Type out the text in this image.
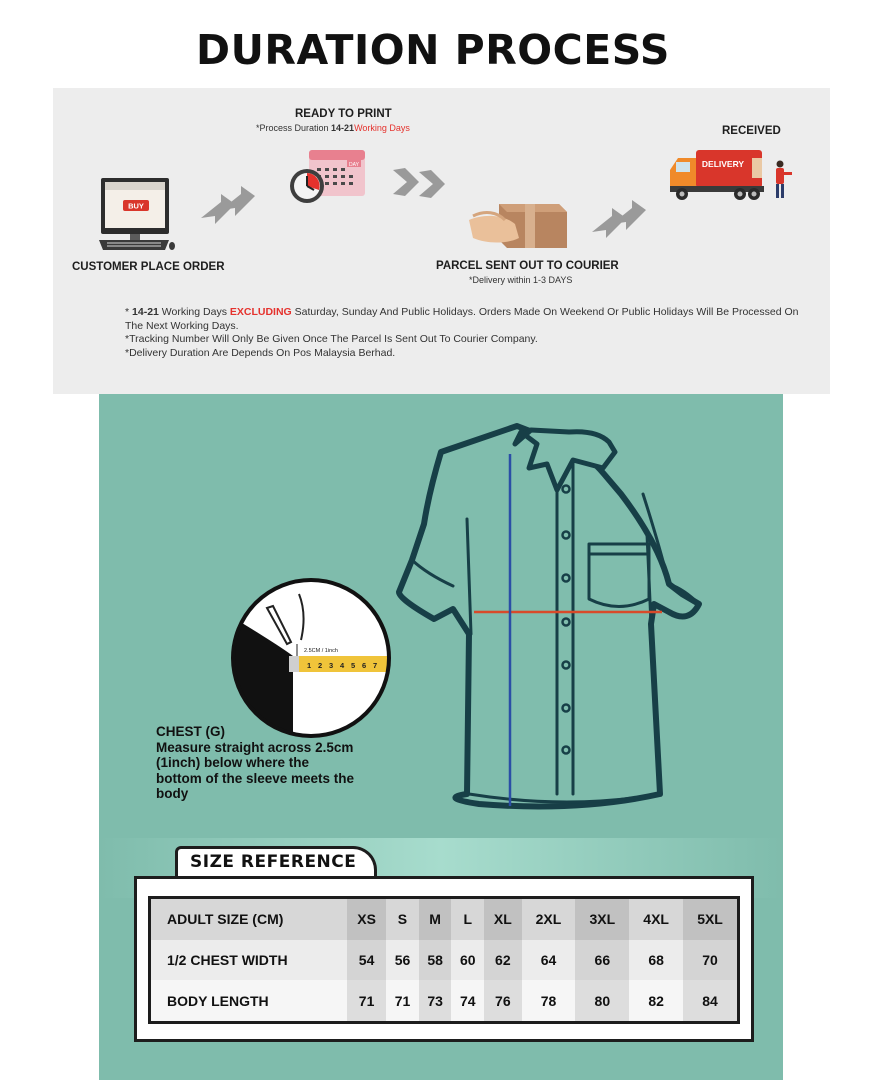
DURATION PROCESS
BUY
CUSTOMER PLACE ORDER
READY TO PRINT
*Process Duration 14-21Working Days
DAY
PARCEL SENT OUT TO COURIER
*Delivery within 1-3 DAYS
RECEIVED
DELIVERY
* 14-21 Working Days EXCLUDING Saturday, Sunday And Public Holidays. Orders Made On Weekend Or Public Holidays Will Be Processed On The Next Working Days.
*Tracking Number Will Only Be Given Once The Parcel Is Sent Out To Courier Company.
*Delivery Duration Are Depends On Pos Malaysia Berhad.
2.5CM / 1inch
1 2 3 4 5 6 7
CHEST (G)
Measure straight across 2.5cm (1inch) below where the bottom of the sleeve meets the body
SIZE REFERENCE
ADULT SIZE (CM)	XS	S	M	L	XL	2XL	3XL	4XL	5XL
1/2 CHEST WIDTH	54	56	58	60	62	64	66	68	70
BODY LENGTH	71	71	73	74	76	78	80	82	84
